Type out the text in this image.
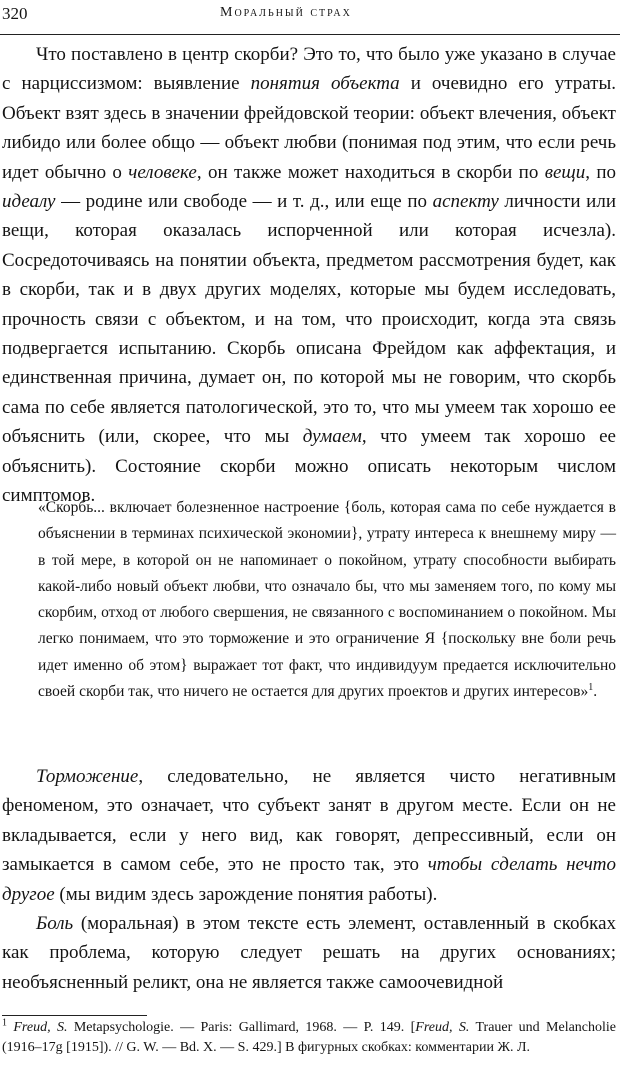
320	Моральный страх

Что поставлено в центр скорби? Это то, что было уже указано в случае с нарциссизмом: выявление понятия объекта и очевидно его утраты. Объект взят здесь в значении фрейдовской теории: объект влечения, объект либидо или более общо — объект любви (понимая под этим, что если речь идет обычно о человеке, он также может находиться в скорби по вещи, по идеалу — родине или свободе — и т. д., или еще по аспекту личности или вещи, которая оказалась испорченной или которая исчезла). Сосредоточиваясь на понятии объекта, предметом рассмотрения будет, как в скорби, так и в двух других моделях, которые мы будем исследовать, прочность связи с объектом, и на том, что происходит, когда эта связь подвергается испытанию. Скорбь описана Фрейдом как аффектация, и единственная причина, думает он, по которой мы не говорим, что скорбь сама по себе является патологической, это то, что мы умеем так хорошо ее объяснить (или, скорее, что мы думаем, что умеем так хорошо ее объяснить). Состояние скорби можно описать некоторым числом симптомов.

«Скорбь... включает болезненное настроение {боль, которая сама по себе нуждается в объяснении в терминах психической экономии}, утрату интереса к внешнему миру — в той мере, в которой он не напоминает о покойном, утрату способности выбирать какой-либо новый объект любви, что означало бы, что мы заменяем того, по кому мы скорбим, отход от любого свершения, не связанного с воспоминанием о покойном. Мы легко понимаем, что это торможение и это ограничение Я {поскольку вне боли речь идет именно об этом} выражает тот факт, что индивидуум предается исключительно своей скорби так, что ничего не остается для других проектов и других интересов»$^1$.

Торможение, следовательно, не является чисто негативным феноменом, это означает, что субъект занят в другом месте. Если он не вкладывается, если у него вид, как говорят, депрессивный, если он замыкается в самом себе, это не просто так, это чтобы сделать нечто другое (мы видим здесь зарождение понятия работы).

Боль (моральная) в этом тексте есть элемент, оставленный в скобках как проблема, которую следует решать на других основаниях; необъясненный реликт, она не является также самоочевидной

$^1$ Freud, S. Metapsychologie. — Paris: Gallimard, 1968. — P. 149. [Freud, S. Trauer und Melancholie (1916–17g [1915]). // G. W. — Bd. X. — S. 429.] В фигурных скобках: комментарии Ж. Л.
